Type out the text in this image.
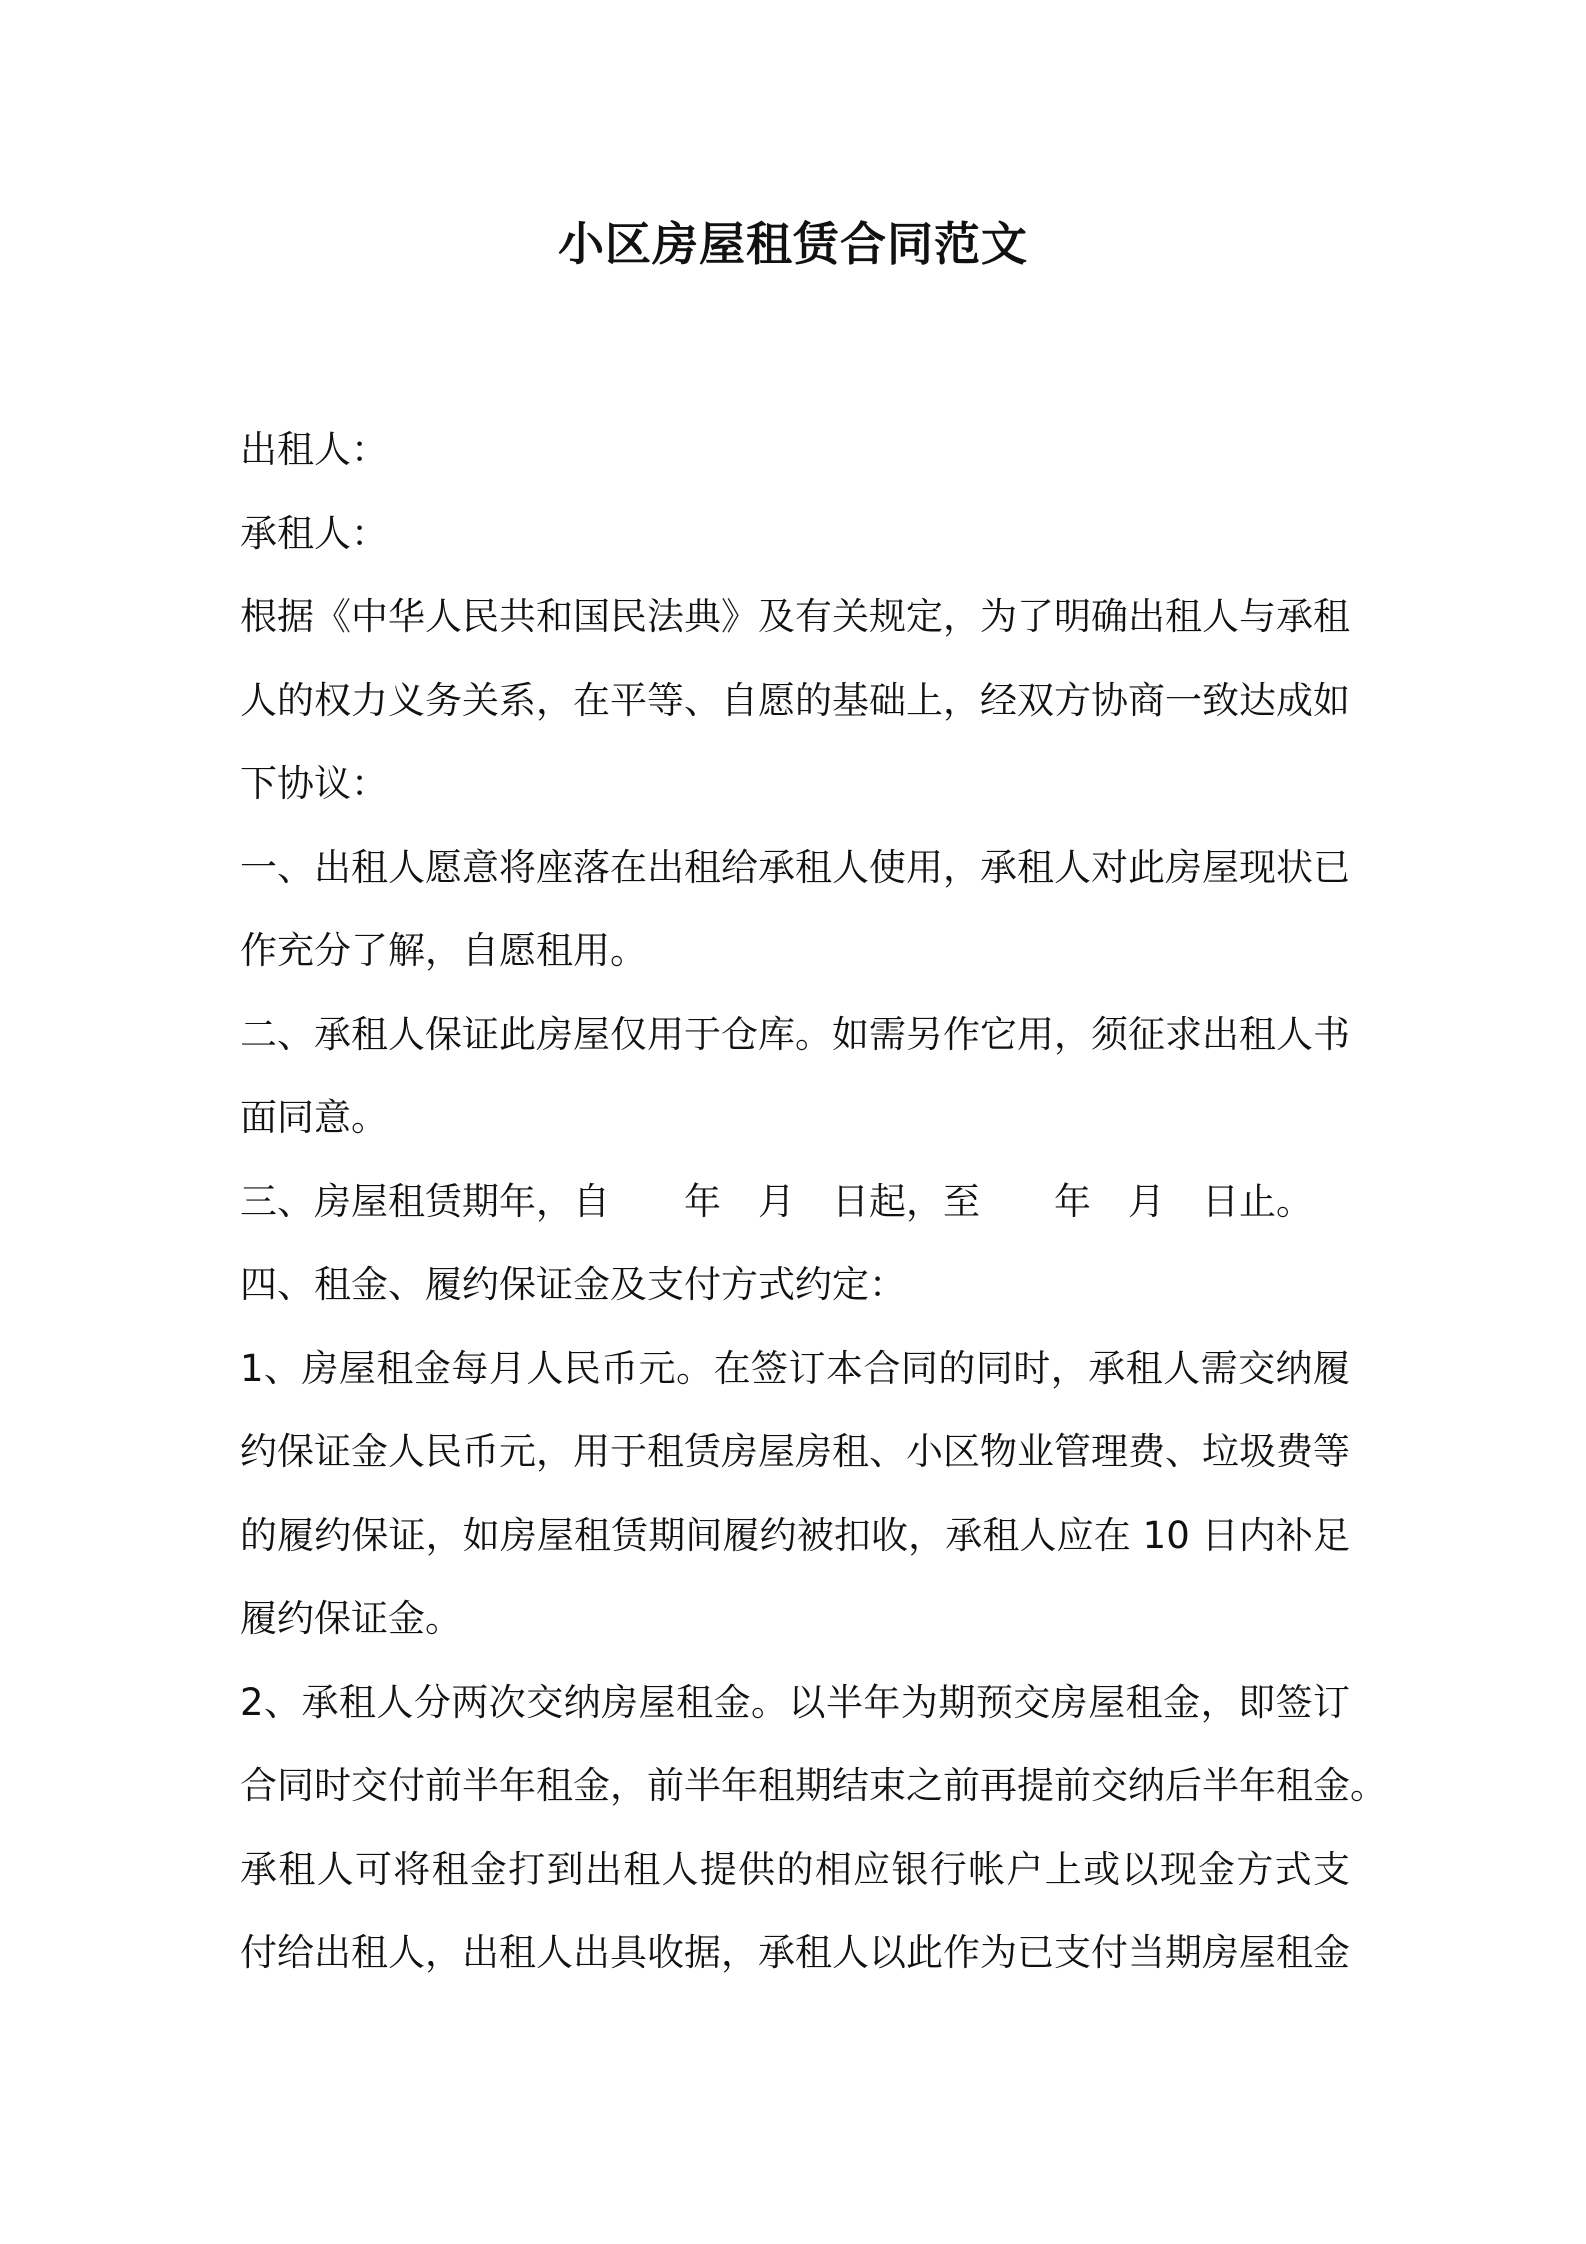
小区房屋租赁合同范文
出租人：
承租人：
根据《中华人民共和国民法典》及有关规定，为了明确出租人与承租
人的权力义务关系，在平等、自愿的基础上，经双方协商一致达成如
下协议：
一、出租人愿意将座落在出租给承租人使用，承租人对此房屋现状已
作充分了解，自愿租用。
二、承租人保证此房屋仅用于仓库。如需另作它用，须征求出租人书
面同意。
三、房屋租赁期年，自　　年　月　日起，至　　年　月　日止。
四、租金、履约保证金及支付方式约定：
1、房屋租金每月人民币元。在签订本合同的同时，承租人需交纳履
约保证金人民币元，用于租赁房屋房租、小区物业管理费、垃圾费等
的履约保证，如房屋租赁期间履约被扣收，承租人应在 10 日内补足
履约保证金。
2、承租人分两次交纳房屋租金。以半年为期预交房屋租金，即签订
合同时交付前半年租金，前半年租期结束之前再提前交纳后半年租金。
承租人可将租金打到出租人提供的相应银行帐户上或以现金方式支
付给出租人，出租人出具收据，承租人以此作为已支付当期房屋租金
